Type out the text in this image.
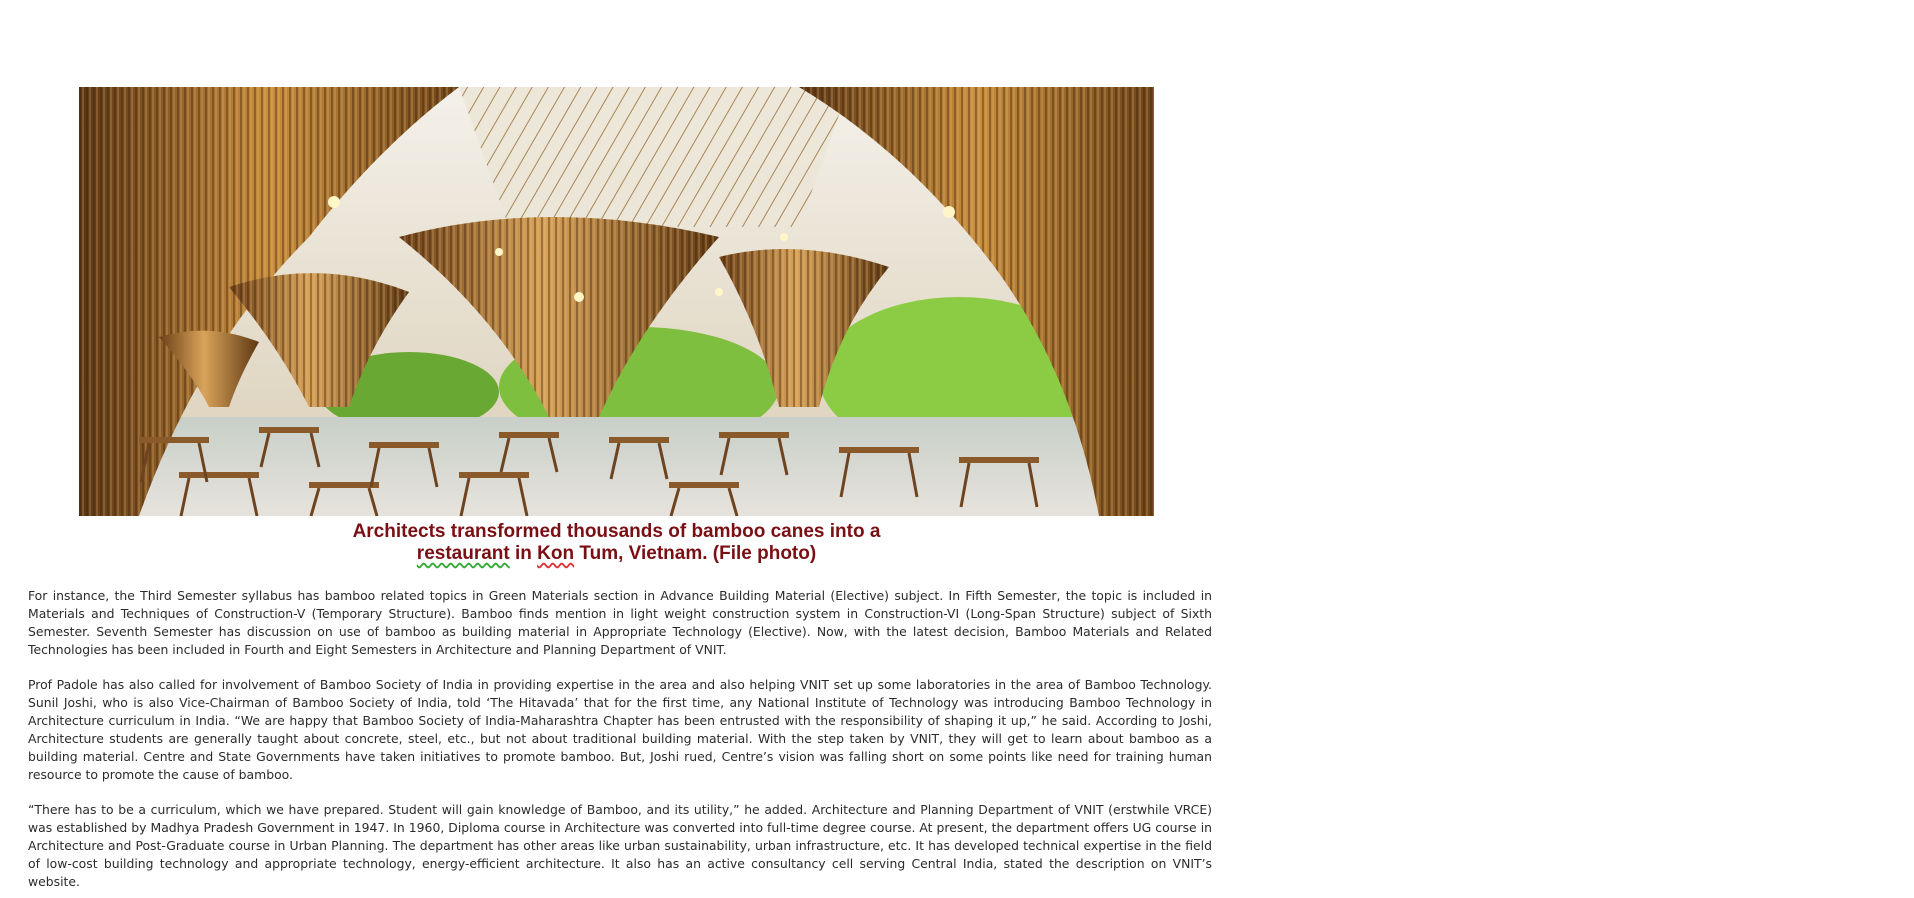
Architects transformed thousands of bamboo canes into a
restaurant in Kon Tum, Vietnam. (File photo)

For instance, the Third Semester syllabus has bamboo related topics in Green Materials section in Advance Building Material (Elective) subject. In Fifth Semester, the topic is included in Materials and Techniques of Construction-V (Temporary Structure). Bamboo finds mention in light weight construction system in Construction-VI (Long-Span Structure) subject of Sixth Semester. Seventh Semester has discussion on use of bamboo as building material in Appropriate Technology (Elective). Now, with the latest decision, Bamboo Materials and Related Technologies has been included in Fourth and Eight Semesters in Architecture and Planning Department of VNIT.

Prof Padole has also called for involvement of Bamboo Society of India in providing expertise in the area and also helping VNIT set up some laboratories in the area of Bamboo Technology. Sunil Joshi, who is also Vice-Chairman of Bamboo Society of India, told ‘The Hitavada’ that for the first time, any National Institute of Technology was introducing Bamboo Technology in Architecture curriculum in India. “We are happy that Bamboo Society of India-Maharashtra Chapter has been entrusted with the responsibility of shaping it up,” he said. According to Joshi, Architecture students are generally taught about concrete, steel, etc., but not about traditional building material. With the step taken by VNIT, they will get to learn about bamboo as a building material. Centre and State Governments have taken initiatives to promote bamboo. But, Joshi rued, Centre’s vision was falling short on some points like need for training human resource to promote the cause of bamboo.

“There has to be a curriculum, which we have prepared. Student will gain knowledge of Bamboo, and its utility,” he added. Architecture and Planning Department of VNIT (erstwhile VRCE) was established by Madhya Pradesh Government in 1947. In 1960, Diploma course in Architecture was converted into full-time degree course. At present, the department offers UG course in Architecture and Post-Graduate course in Urban Planning. The department has other areas like urban sustainability, urban infrastructure, etc. It has developed technical expertise in the field of low-cost building technology and appropriate technology, energy-efficient architecture. It also has an active consultancy cell serving Central India, stated the description on VNIT’s website.
